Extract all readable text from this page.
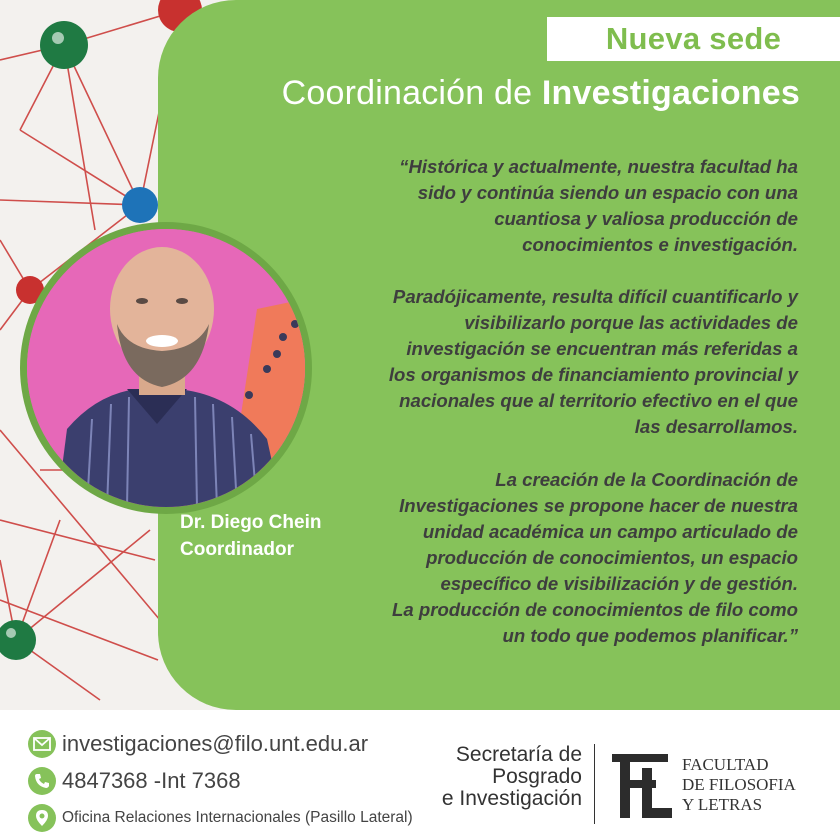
Nueva sede
Coordinación de Investigaciones
“Histórica y actualmente, nuestra facultad ha
sido y continúa siendo un espacio con una
cuantiosa y valiosa producción de
conocimientos e investigación.
Paradójicamente, resulta difícil cuantificarlo y
visibilizarlo porque las actividades de
investigación se encuentran más referidas a
los organismos de financiamiento provincial y
nacionales que al territorio efectivo en el que
las desarrollamos.
La creación de la Coordinación de
Investigaciones se propone hacer de nuestra
unidad académica un campo articulado de
producción de conocimientos, un espacio
específico de visibilización y de gestión.
La producción de conocimientos de filo como
un todo que podemos planificar.”
Dr. Diego Chein
Coordinador
investigaciones@filo.unt.edu.ar
4847368 -Int 7368
Oficina Relaciones Internacionales (Pasillo Lateral)
Secretaría de
Posgrado
e Investigación
FACULTAD
DE FILOSOFIA
Y LETRAS
